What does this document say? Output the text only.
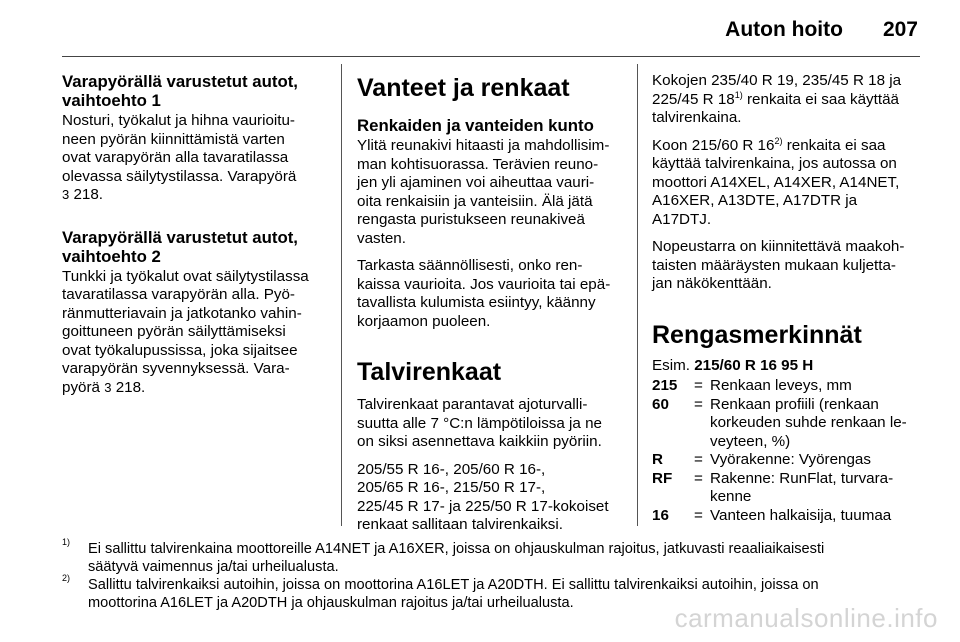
Auton hoito 207
Varapyörällä varustetut autot,
vaihtoehto 1

Nosturi, työkalut ja hihna vaurioitu-
neen pyörän kiinnittämistä varten
ovat varapyörän alla tavaratilassa
olevassa säilytystilassa. Varapyörä
3 218.

Varapyörällä varustetut autot,
vaihtoehto 2

Tunkki ja työkalut ovat säilytystilassa
tavaratilassa varapyörän alla. Pyö-
ränmutteriavain ja jatkotanko vahin-
goittuneen pyörän säilyttämiseksi
ovat työkalupussissa, joka sijaitsee
varapyörän syvennyksessä. Vara-
pyörä 3 218.

Vanteet ja renkaat
Renkaiden ja vanteiden kunto

Ylitä reunakivi hitaasti ja mahdollisim-
man kohtisuorassa. Terävien reuno-
jen yli ajaminen voi aiheuttaa vauri-
oita renkaisiin ja vanteisiin. Älä jätä
rengasta puristukseen reunakiveä
vasten.

Tarkasta säännöllisesti, onko ren-
kaissa vaurioita. Jos vaurioita tai epä-
tavallista kulumista esiintyy, käänny
korjaamon puoleen.

Talvirenkaat

Talvirenkaat parantavat ajoturvalli-
suutta alle 7 °C:n lämpötiloissa ja ne
on siksi asennettava kaikkiin pyöriin.

205/55 R 16-, 205/60 R 16-,
205/65 R 16-, 215/50 R 17-,
225/45 R 17- ja 225/50 R 17-kokoiset
renkaat sallitaan talvirenkaiksi.

Kokojen 235/40 R 19, 235/45 R 18 ja
225/45 R 18$^{1)}$ renkaita ei saa käyttää
talvirenkaina.

Koon 215/60 R 16$^{2)}$ renkaita ei saa
käyttää talvirenkaina, jos autossa on
moottori A14XEL, A14XER, A14NET,
A16XER, A13DTE, A17DTR ja
A17DTJ.

Nopeustarra on kiinnitettävä maakoh-
taisten määräysten mukaan kuljetta-
jan näkökenttään.

Rengasmerkinnät
Esim. 215/60 R 16 95 H
215	= Renkaan leveys, mm
60	= Renkaan profiili (renkaan
korkeuden suhde renkaan le-
veyteen, %)
R	= Vyörakenne: Vyörengas
RF	= Rakenne: RunFlat, turvara-
kenne
16	= Vanteen halkaisija, tuumaa
$^{1)}$	Ei sallittu talvirenkaina moottoreille A14NET ja A16XER, joissa on ohjauskulman rajoitus, jatkuvasti reaaliaikaisesti
säätyvä vaimennus ja/tai urheilualusta.
$^{2)}$	Sallittu talvirenkaiksi autoihin, joissa on moottorina A16LET ja A20DTH. Ei sallittu talvirenkaiksi autoihin, joissa on
moottorina A16LET ja A20DTH ja ohjauskulman rajoitus ja/tai urheilualusta.	carmanualsonline.info
